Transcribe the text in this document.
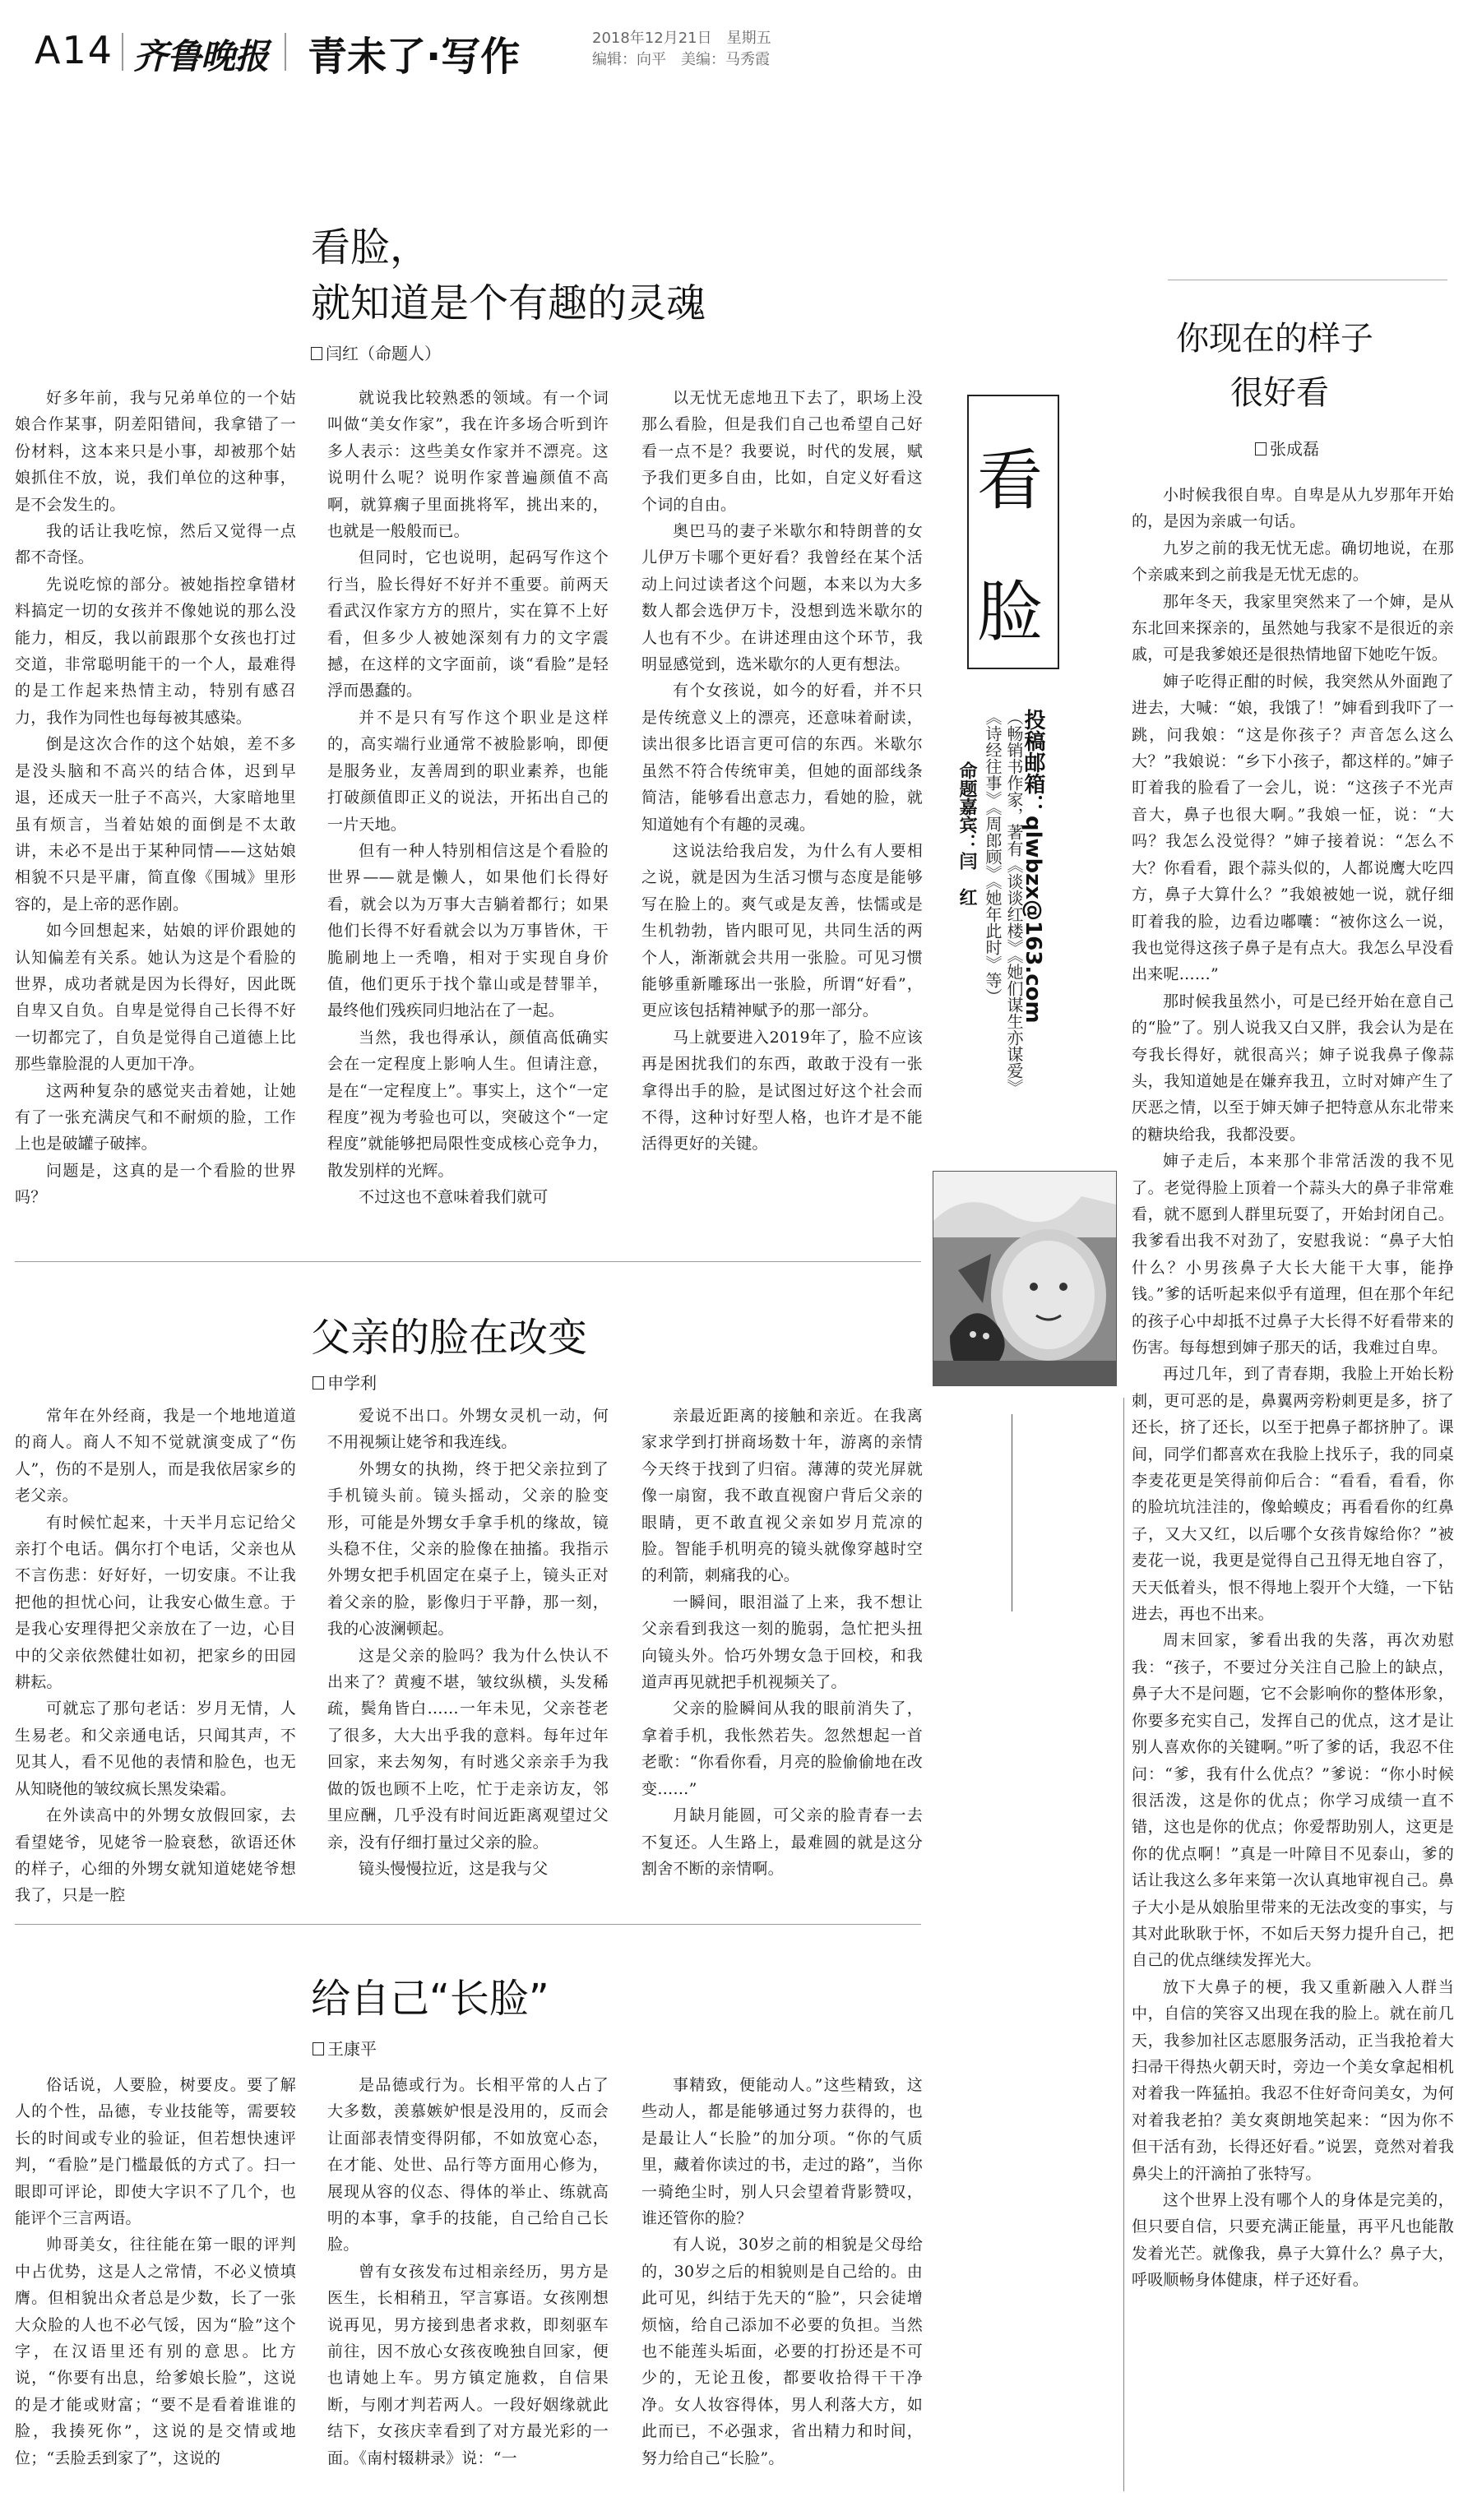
A14 齐鲁晚报 青未了·写作	2018年12月21日　星期五
编辑：向平　美编：马秀霞
看脸，
就知道是个有趣的灵魂
闫红（命题人）

好多年前，我与兄弟单位的一个姑娘合作某事，阴差阳错间，我拿错了一份材料，这本来只是小事，却被那个姑娘抓住不放，说，我们单位的这种事，是不会发生的。

我的话让我吃惊，然后又觉得一点都不奇怪。

先说吃惊的部分。被她指控拿错材料搞定一切的女孩并不像她说的那么没能力，相反，我以前跟那个女孩也打过交道，非常聪明能干的一个人，最难得的是工作起来热情主动，特别有感召力，我作为同性也每每被其感染。

倒是这次合作的这个姑娘，差不多是没头脑和不高兴的结合体，迟到早退，还成天一肚子不高兴，大家暗地里虽有烦言，当着姑娘的面倒是不太敢讲，未必不是出于某种同情——这姑娘相貌不只是平庸，简直像《围城》里形容的，是上帝的恶作剧。

如今回想起来，姑娘的评价跟她的认知偏差有关系。她认为这是个看脸的世界，成功者就是因为长得好，因此既自卑又自负。自卑是觉得自己长得不好一切都完了，自负是觉得自己道德上比那些靠脸混的人更加干净。

这两种复杂的感觉夹击着她，让她有了一张充满戾气和不耐烦的脸，工作上也是破罐子破摔。

问题是，这真的是一个看脸的世界吗？

就说我比较熟悉的领域。有一个词叫做“美女作家”，我在许多场合听到许多人表示：这些美女作家并不漂亮。这说明什么呢？说明作家普遍颜值不高啊，就算瘸子里面挑将军，挑出来的，也就是一般般而已。

但同时，它也说明，起码写作这个行当，脸长得好不好并不重要。前两天看武汉作家方方的照片，实在算不上好看，但多少人被她深刻有力的文字震撼，在这样的文字面前，谈“看脸”是轻浮而愚蠢的。

并不是只有写作这个职业是这样的，高实端行业通常不被脸影响，即便是服务业，友善周到的职业素养，也能打破颜值即正义的说法，开拓出自己的一片天地。

但有一种人特别相信这是个看脸的世界——就是懒人，如果他们长得好看，就会以为万事大吉躺着都行；如果他们长得不好看就会以为万事皆休，干脆刷地上一秃噜，相对于实现自身价值，他们更乐于找个靠山或是替罪羊，最终他们残疾同归地沾在了一起。

当然，我也得承认，颜值高低确实会在一定程度上影响人生。但请注意，是在“一定程度上”。事实上，这个“一定程度”视为考验也可以，突破这个“一定程度”就能够把局限性变成核心竞争力，散发别样的光辉。

不过这也不意味着我们就可

以无忧无虑地丑下去了，职场上没那么看脸，但是我们自己也希望自己好看一点不是？我要说，时代的发展，赋予我们更多自由，比如，自定义好看这个词的自由。

奥巴马的妻子米歇尔和特朗普的女儿伊万卡哪个更好看？我曾经在某个活动上问过读者这个问题，本来以为大多数人都会选伊万卡，没想到选米歇尔的人也有不少。在讲述理由这个环节，我明显感觉到，选米歇尔的人更有想法。

有个女孩说，如今的好看，并不只是传统意义上的漂亮，还意味着耐读，读出很多比语言更可信的东西。米歇尔虽然不符合传统审美，但她的面部线条简洁，能够看出意志力，看她的脸，就知道她有个有趣的灵魂。

这说法给我启发，为什么有人要相之说，就是因为生活习惯与态度是能够写在脸上的。爽气或是友善，怯懦或是生机勃勃，皆内眼可见，共同生活的两个人，渐渐就会共用一张脸。可见习惯能够重新雕琢出一张脸，所谓“好看”，更应该包括精神赋予的那一部分。

马上就要进入2019年了，脸不应该再是困扰我们的东西，敢敢于没有一张拿得出手的脸，是试图过好这个社会而不得，这种讨好型人格，也许才是不能活得更好的关键。

看
脸
投稿邮箱：qlwbzx@163.com
（畅销书作家，著有《谈谈红楼》《她们谋生亦谋爱》《诗经往事》《周郎顾》《她年此时》等）
命题嘉宾：闫　红
你现在的样子
很好看
张成磊

小时候我很自卑。自卑是从九岁那年开始的，是因为亲戚一句话。

九岁之前的我无忧无虑。确切地说，在那个亲戚来到之前我是无忧无虑的。

那年冬天，我家里突然来了一个婶，是从东北回来探亲的，虽然她与我家不是很近的亲戚，可是我爹娘还是很热情地留下她吃午饭。

婶子吃得正酣的时候，我突然从外面跑了进去，大喊：“娘，我饿了！”婶看到我吓了一跳，问我娘：“这是你孩子？声音怎么这么大？”我娘说：“乡下小孩子，都这样的。”婶子盯着我的脸看了一会儿，说：“这孩子不光声音大，鼻子也很大啊。”我娘一怔，说：“大吗？我怎么没觉得？”婶子接着说：“怎么不大？你看看，跟个蒜头似的，人都说鹰大吃四方，鼻子大算什么？”我娘被她一说，就仔细盯着我的脸，边看边嘟囔：“被你这么一说，我也觉得这孩子鼻子是有点大。我怎么早没看出来呢……”

那时候我虽然小，可是已经开始在意自己的“脸”了。别人说我又白又胖，我会认为是在夸我长得好，就很高兴；婶子说我鼻子像蒜头，我知道她是在嫌弃我丑，立时对婶产生了厌恶之情，以至于婶天婶子把特意从东北带来的糖块给我，我都没要。

婶子走后，本来那个非常活泼的我不见了。老觉得脸上顶着一个蒜头大的鼻子非常难看，就不愿到人群里玩耍了，开始封闭自己。我爹看出我不对劲了，安慰我说：“鼻子大怕什么？小男孩鼻子大长大能干大事，能挣钱。”爹的话听起来似乎有道理，但在那个年纪的孩子心中却抵不过鼻子大长得不好看带来的伤害。每每想到婶子那天的话，我难过自卑。

再过几年，到了青春期，我脸上开始长粉刺，更可恶的是，鼻翼两旁粉刺更是多，挤了还长，挤了还长，以至于把鼻子都挤肿了。课间，同学们都喜欢在我脸上找乐子，我的同桌李麦花更是笑得前仰后合：“看看，看看，你的脸坑坑洼洼的，像蛤蟆皮；再看看你的红鼻子，又大又红，以后哪个女孩肯嫁给你？”被麦花一说，我更是觉得自己丑得无地自容了，天天低着头，恨不得地上裂开个大缝，一下钻进去，再也不出来。

周末回家，爹看出我的失落，再次劝慰我：“孩子，不要过分关注自己脸上的缺点，鼻子大不是问题，它不会影响你的整体形象，你要多充实自己，发挥自己的优点，这才是让别人喜欢你的关键啊。”听了爹的话，我忍不住问：“爹，我有什么优点？”爹说：“你小时候很活泼，这是你的优点；你学习成绩一直不错，这也是你的优点；你爱帮助别人，这更是你的优点啊！”真是一叶障目不见泰山，爹的话让我这么多年来第一次认真地审视自己。鼻子大小是从娘胎里带来的无法改变的事实，与其对此耿耿于怀，不如后天努力提升自己，把自己的优点继续发挥光大。

放下大鼻子的梗，我又重新融入人群当中，自信的笑容又出现在我的脸上。就在前几天，我参加社区志愿服务活动，正当我抢着大扫帚干得热火朝天时，旁边一个美女拿起相机对着我一阵猛拍。我忍不住好奇问美女，为何对着我老拍？美女爽朗地笑起来：“因为你不但干活有劲，长得还好看。”说罢，竟然对着我鼻尖上的汗滴拍了张特写。

这个世界上没有哪个人的身体是完美的，但只要自信，只要充满正能量，再平凡也能散发着光芒。就像我，鼻子大算什么？鼻子大，呼吸顺畅身体健康，样子还好看。

父亲的脸在改变
申学利

常年在外经商，我是一个地地道道的商人。商人不知不觉就演变成了“伤人”，伤的不是别人，而是我依居家乡的老父亲。

有时候忙起来，十天半月忘记给父亲打个电话。偶尔打个电话，父亲也从不言伤悲：好好好，一切安康。不让我把他的担忧心问，让我安心做生意。于是我心安理得把父亲放在了一边，心目中的父亲依然健壮如初，把家乡的田园耕耘。

可就忘了那句老话：岁月无情，人生易老。和父亲通电话，只闻其声，不见其人，看不见他的表情和脸色，也无从知晓他的皱纹疯长黑发染霜。

在外读高中的外甥女放假回家，去看望姥爷，见姥爷一脸衰愁，欲语还休的样子，心细的外甥女就知道姥姥爷想我了，只是一腔

爱说不出口。外甥女灵机一动，何不用视频让姥爷和我连线。

外甥女的执拗，终于把父亲拉到了手机镜头前。镜头摇动，父亲的脸变形，可能是外甥女手拿手机的缘故，镜头稳不住，父亲的脸像在抽搐。我指示外甥女把手机固定在桌子上，镜头正对着父亲的脸，影像归于平静，那一刻，我的心波澜顿起。

这是父亲的脸吗？我为什么快认不出来了？黄瘦不堪，皱纹纵横，头发稀疏，鬓角皆白……一年未见，父亲苍老了很多，大大出乎我的意料。每年过年回家，来去匆匆，有时逃父亲亲手为我做的饭也顾不上吃，忙于走亲访友，邻里应酬，几乎没有时间近距离观望过父亲，没有仔细打量过父亲的脸。

镜头慢慢拉近，这是我与父

亲最近距离的接触和亲近。在我离家求学到打拼商场数十年，游离的亲情今天终于找到了归宿。薄薄的荧光屏就像一扇窗，我不敢直视窗户背后父亲的眼睛，更不敢直视父亲如岁月荒凉的脸。智能手机明亮的镜头就像穿越时空的利箭，刺痛我的心。

一瞬间，眼泪溢了上来，我不想让父亲看到我这一刻的脆弱，急忙把头扭向镜头外。恰巧外甥女急于回校，和我道声再见就把手机视频关了。

父亲的脸瞬间从我的眼前消失了，拿着手机，我怅然若失。忽然想起一首老歌：“你看你看，月亮的脸偷偷地在改变……”

月缺月能圆，可父亲的脸青春一去不复还。人生路上，最难圆的就是这分割舍不断的亲情啊。

给自己“长脸”
王康平

俗话说，人要脸，树要皮。要了解人的个性，品德，专业技能等，需要较长的时间或专业的验证，但若想快速评判，“看脸”是门槛最低的方式了。扫一眼即可评论，即使大字识不了几个，也能评个三言两语。

帅哥美女，往往能在第一眼的评判中占优势，这是人之常情，不必义愤填膺。但相貌出众者总是少数，长了一张大众脸的人也不必气馁，因为“脸”这个字，在汉语里还有别的意思。比方说，“你要有出息，给爹娘长脸”，这说的是才能或财富；“要不是看着谁谁的脸，我揍死你”，这说的是交情或地位；“丢脸丢到家了”，这说的

是品德或行为。长相平常的人占了大多数，羡慕嫉妒恨是没用的，反而会让面部表情变得阴郁，不如放宽心态，在才能、处世、品行等方面用心修为，展现从容的仪态、得体的举止、练就高明的本事，拿手的技能，自己给自己长脸。

曾有女孩发布过相亲经历，男方是医生，长相稍丑，罕言寡语。女孩刚想说再见，男方接到患者求救，即刻驱车前往，因不放心女孩夜晚独自回家，便也请她上车。男方镇定施救，自信果断，与刚才判若两人。一段好姻缘就此结下，女孩庆幸看到了对方最光彩的一面。《南村辍耕录》说：“一

事精致，便能动人。”这些精致，这些动人，都是能够通过努力获得的，也是最让人“长脸”的加分项。“你的气质里，藏着你读过的书，走过的路”，当你一骑绝尘时，别人只会望着背影赞叹，谁还管你的脸？

有人说，30岁之前的相貌是父母给的，30岁之后的相貌则是自己给的。由此可见，纠结于先天的“脸”，只会徒增烦恼，给自己添加不必要的负担。当然也不能莲头垢面，必要的打扮还是不可少的，无论丑俊，都要收拾得干干净净。女人妆容得体，男人利落大方，如此而已，不必强求，省出精力和时间，努力给自己“长脸”。
